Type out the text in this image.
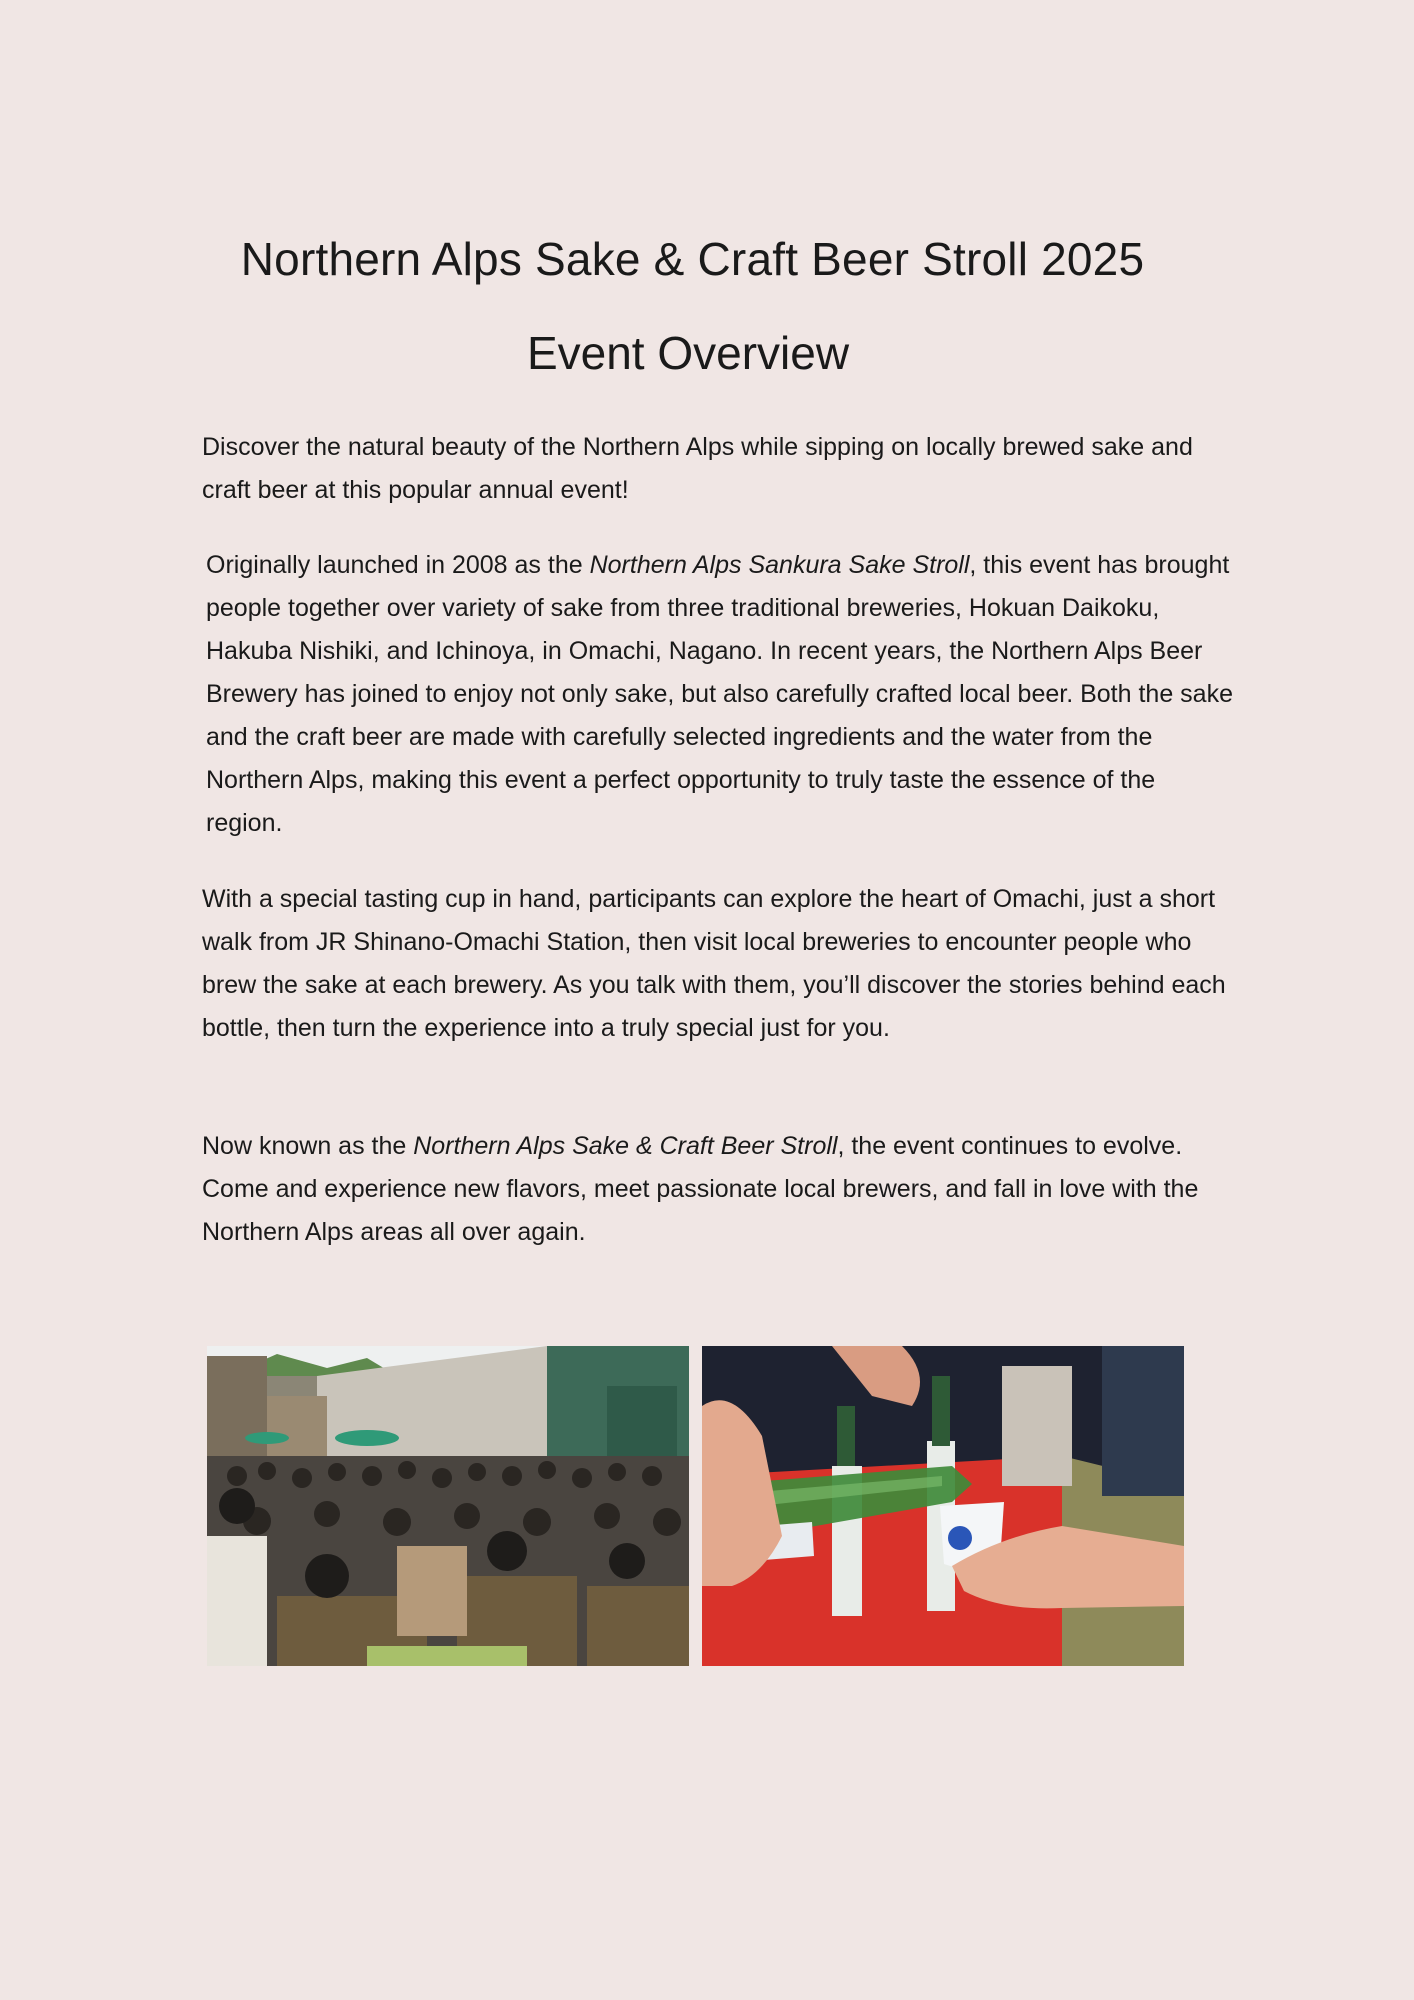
Northern Alps Sake & Craft Beer Stroll 2025
Event Overview

Discover the natural beauty of the Northern Alps while sipping on locally brewed sake and craft beer at this popular annual event!

Originally launched in 2008 as the Northern Alps Sankura Sake Stroll, this event has brought people together over variety of sake from three traditional breweries, Hokuan Daikoku, Hakuba Nishiki, and Ichinoya, in Omachi, Nagano. In recent years, the Northern Alps Beer Brewery has joined to enjoy not only sake, but also carefully crafted local beer. Both the sake and the craft beer are made with carefully selected ingredients and the water from the Northern Alps, making this event a perfect opportunity to truly taste the essence of the region.

With a special tasting cup in hand, participants can explore the heart of Omachi, just a short walk from JR Shinano-Omachi Station, then visit local breweries to encounter people who brew the sake at each brewery. As you talk with them, you’ll discover the stories behind each bottle, then turn the experience into a truly special just for you.

Now known as the Northern Alps Sake & Craft Beer Stroll, the event continues to evolve. Come and experience new flavors, meet passionate local brewers, and fall in love with the Northern Alps areas all over again.
